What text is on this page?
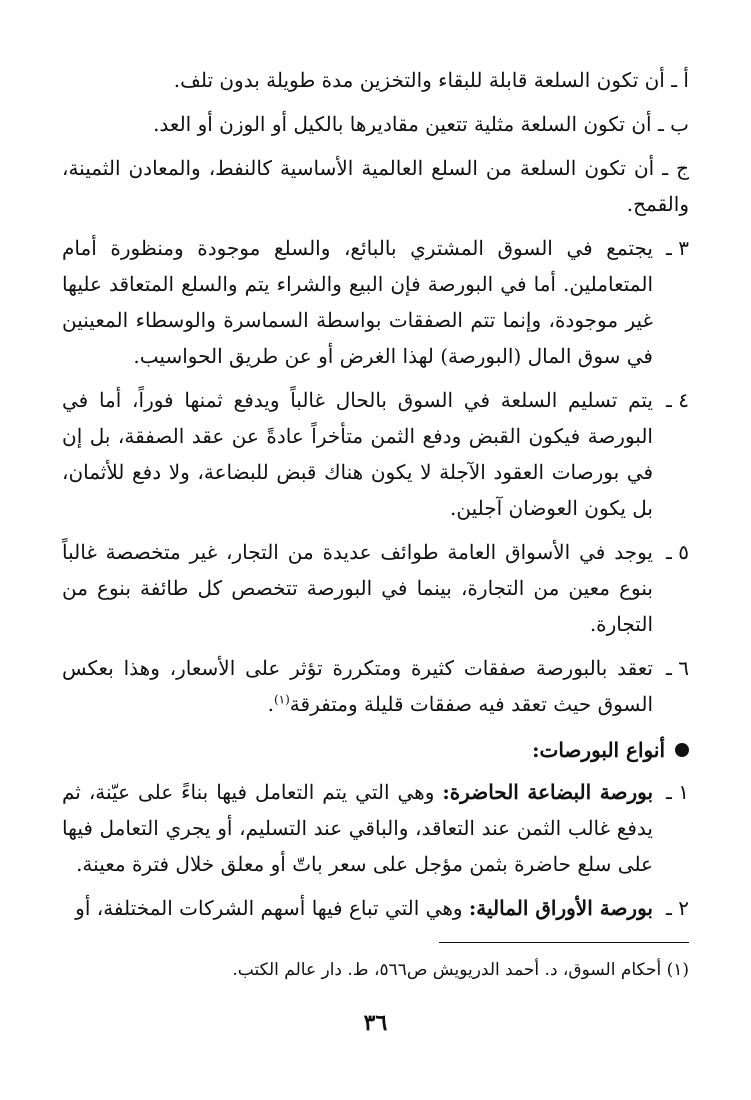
أ ـ أن تكون السلعة قابلة للبقاء والتخزين مدة طويلة بدون تلف.

ب ـ أن تكون السلعة مثلية تتعين مقاديرها بالكيل أو الوزن أو العد.

ج ـ أن تكون السلعة من السلع العالمية الأساسية كالنفط، والمعادن الثمينة، والقمح.

٣ ـ
يجتمع في السوق المشتري بالبائع، والسلع موجودة ومنظورة أمام المتعاملين. أما في البورصة فإن البيع والشراء يتم والسلع المتعاقد عليها غير موجودة، وإنما تتم الصفقات بواسطة السماسرة والوسطاء المعينين في سوق المال (البورصة) لهذا الغرض أو عن طريق الحواسيب.
٤ ـ
يتم تسليم السلعة في السوق بالحال غالباً ويدفع ثمنها فوراً، أما في البورصة فيكون القبض ودفع الثمن متأخراً عادةً عن عقد الصفقة، بل إن في بورصات العقود الآجلة لا يكون هناك قبض للبضاعة، ولا دفع للأثمان، بل يكون العوضان آجلين.
٥ ـ
يوجد في الأسواق العامة طوائف عديدة من التجار، غير متخصصة غالباً بنوع معين من التجارة، بينما في البورصة تتخصص كل طائفة بنوع من التجارة.
٦ ـ
تعقد بالبورصة صفقات كثيرة ومتكررة تؤثر على الأسعار، وهذا بعكس السوق حيث تعقد فيه صفقات قليلة ومتفرقة$^{(١)}$.
أنواع البورصات:
١ ـ
بورصة البضاعة الحاضرة: وهي التي يتم التعامل فيها بناءً على عيّنة، ثم يدفع غالب الثمن عند التعاقد، والباقي عند التسليم، أو يجري التعامل فيها على سلع حاضرة بثمن مؤجل على سعر باتّ أو معلق خلال فترة معينة.
٢ ـ
بورصة الأوراق المالية: وهي التي تباع فيها أسهم الشركات المختلفة، أو
(١) أحكام السوق، د. أحمد الدريويش ص٥٦٦، ط. دار عالم الكتب.
٣٦
